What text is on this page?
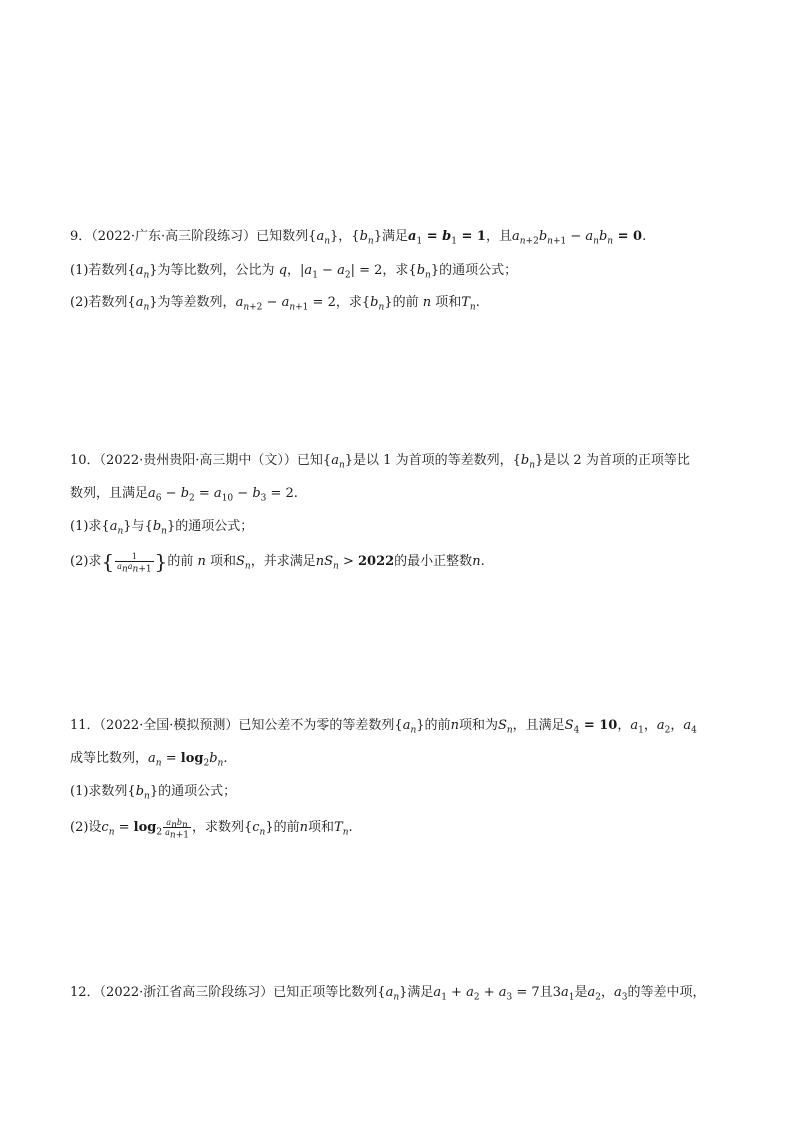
9．（2022·广东·高三阶段练习）已知数列$\{a_n\}$，$\{b_n\}$满足$a_1 = b_1 = 1$，且$a_{n+2}b_{n+1} - a_nb_n = 0$.
(1)若数列$\{a_n\}$为等比数列，公比为 q，$|a_1 - a_2| = 2$，求$\{b_n\}$的通项公式；
(2)若数列$\{a_n\}$为等差数列，$a_{n+2} - a_{n+1} = 2$，求$\{b_n\}$的前 n 项和$T_n$.
10．（2022·贵州贵阳·高三期中（文））已知$\{a_n\}$是以 1 为首项的等差数列，$\{b_n\}$是以 2 为首项的正项等比
数列，且满足$a_6 - b_2 = a_{10} - b_3 = 2$.
(1)求$\{a_n\}$与$\{b_n\}$的通项公式；
(2)求{ $\frac{1}{a_na_{n+1}}$ }的前 n 项和$S_n$，并求满足$nS_n > 2022$的最小正整数n.
11．（2022·全国·模拟预测）已知公差不为零的等差数列$\{a_n\}$的前n项和为$S_n$，且满足$S_4 = 10$，$a_1$，$a_2$，$a_4$
成等比数列，$a_n = \log_2b_n$.
(1)求数列$\{b_n\}$的通项公式；
(2)设$c_n = \log_2 \frac{a_nb_n}{a_{n+1}}$ ，求数列$\{c_n\}$的前n项和$T_n$.
12．（2022·浙江省高三阶段练习）已知正项等比数列$\{a_n\}$满足$a_1 + a_2 + a_3 = 7$且$3a_1$是$a_2$，$a_3$的等差中项，
